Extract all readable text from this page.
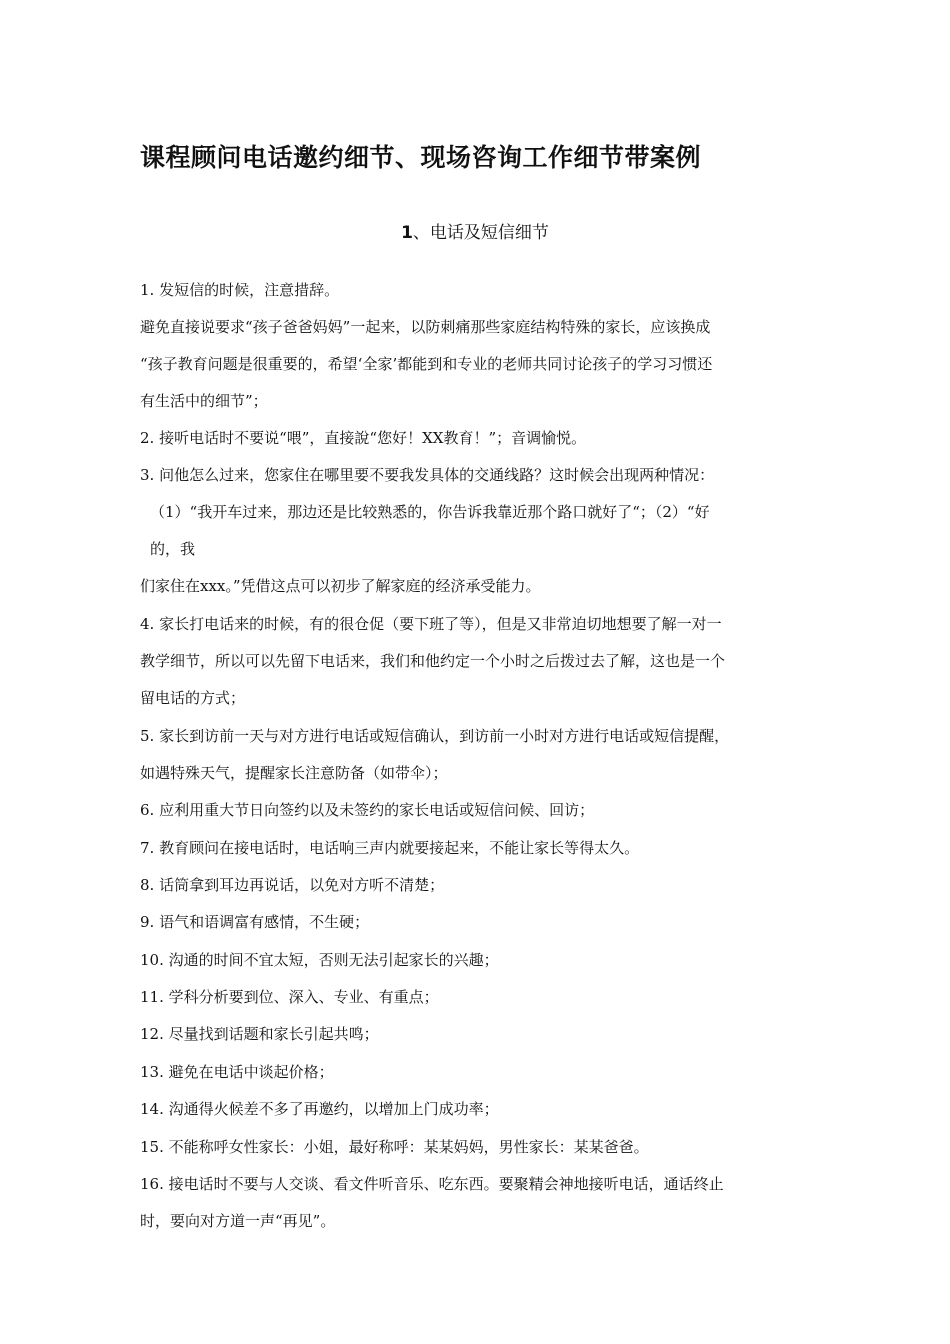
课程顾问电话邀约细节、现场咨询工作细节带案例
1、电话及短信细节
1. 发短信的时候，注意措辞。
避免直接说要求“孩子爸爸妈妈”一起来，以防刺痛那些家庭结构特殊的家长，应该换成
“孩子教育问题是很重要的，希望‘全家’都能到和专业的老师共同讨论孩子的学习习惯还
有生活中的细节”；
2. 接听电话时不要说“喂”，直接說“您好！XX教育！”；音调愉悦。
3. 问他怎么过来，您家住在哪里要不要我发具体的交通线路？这时候会出现两种情况：
（1）“我开车过来，那边还是比较熟悉的，你告诉我靠近那个路口就好了“；（2）“好
的，我
们家住在xxx。”凭借这点可以初步了解家庭的经济承受能力。
4. 家长打电话来的时候，有的很仓促（要下班了等），但是又非常迫切地想要了解一对一
教学细节，所以可以先留下电话来，我们和他约定一个小时之后拨过去了解，这也是一个
留电话的方式；
5. 家长到访前一天与对方进行电话或短信确认，到访前一小时对方进行电话或短信提醒，
如遇特殊天气，提醒家长注意防备（如带伞）；
6. 应利用重大节日向签约以及未签约的家长电话或短信问候、回访；
7. 教育顾问在接电话时，电话响三声内就要接起来，不能让家长等得太久。
8. 话筒拿到耳边再说话，以免对方听不清楚；
9. 语气和语调富有感情，不生硬；
10. 沟通的时间不宜太短，否则无法引起家长的兴趣；
11. 学科分析要到位、深入、专业、有重点；
12. 尽量找到话题和家长引起共鸣；
13. 避免在电话中谈起价格；
14. 沟通得火候差不多了再邀约，以增加上门成功率；
15. 不能称呼女性家长：小姐，最好称呼：某某妈妈，男性家长：某某爸爸。
16. 接电话时不要与人交谈、看文件听音乐、吃东西。要聚精会神地接听电话，通话终止
时，要向对方道一声“再见”。
